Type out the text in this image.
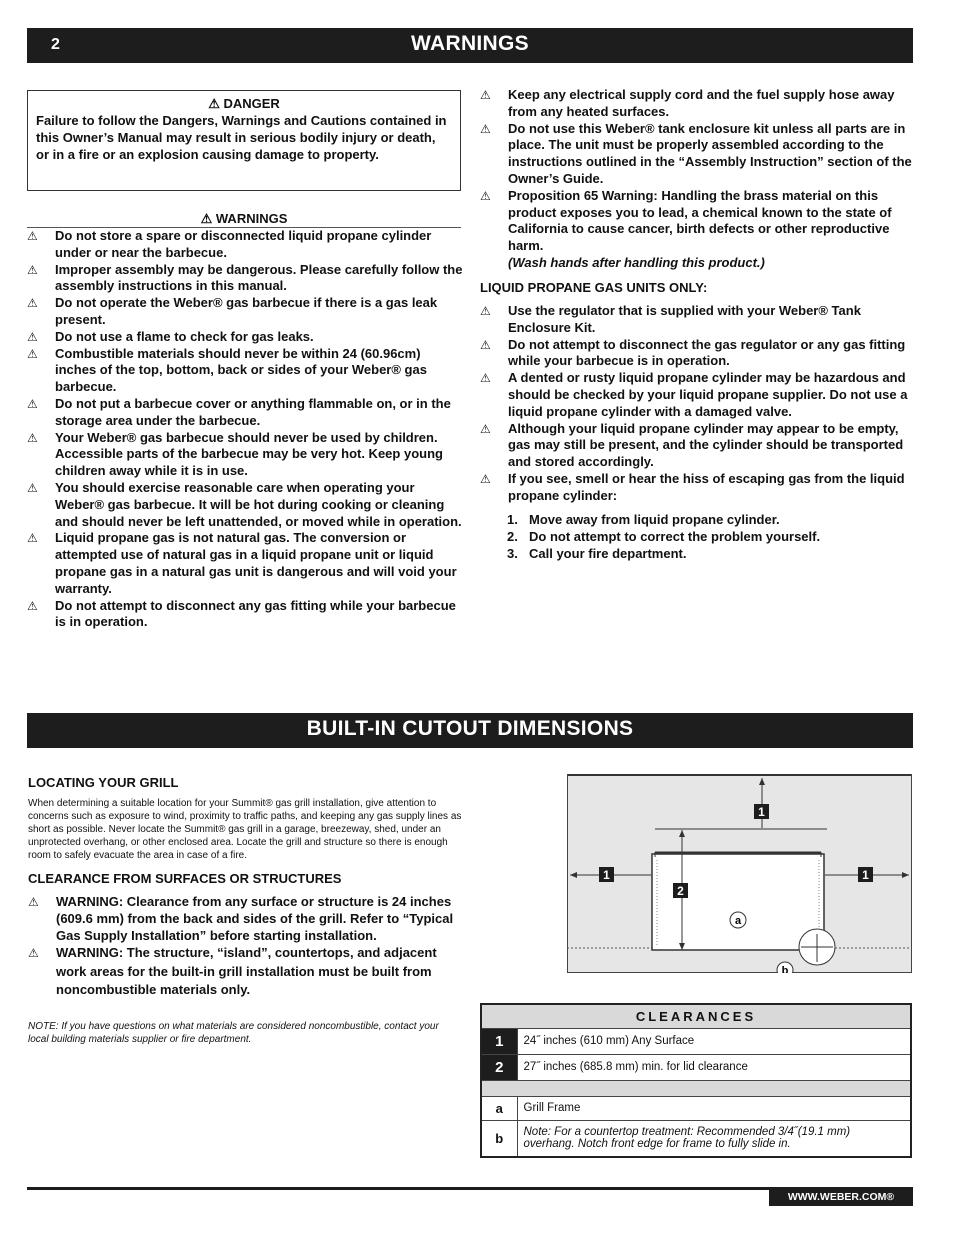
2	WARNINGS
⚠ DANGER
Failure to follow the Dangers, Warnings and Cautions contained in this Owner’s Manual may result in serious bodily injury or death, or in a fire or an explosion causing damage to property.
⚠ WARNINGS
⚠ Do not store a spare or disconnected liquid propane cylinder under or near the barbecue.
⚠ Improper assembly may be dangerous. Please carefully follow the assembly instructions in this manual.
⚠ Do not operate the Weber® gas barbecue if there is a gas leak present.
⚠ Do not use a flame to check for gas leaks.
⚠ Combustible materials should never be within 24 (60.96cm) inches of the top, bottom, back or sides of your Weber® gas barbecue.
⚠ Do not put a barbecue cover or anything flammable on, or in the storage area under the barbecue.
⚠ Your Weber® gas barbecue should never be used by children. Accessible parts of the barbecue may be very hot. Keep young children away while it is in use.
⚠ You should exercise reasonable care when operating your Weber® gas barbecue. It will be hot during cooking or cleaning and should never be left unattended, or moved while in operation.
⚠ Liquid propane gas is not natural gas. The conversion or attempted use of natural gas in a liquid propane unit or liquid propane gas in a natural gas unit is dangerous and will void your warranty.
⚠ Do not attempt to disconnect any gas fitting while your barbecue is in operation.
⚠ Keep any electrical supply cord and the fuel supply hose away from any heated surfaces.
⚠ Do not use this Weber® tank enclosure kit unless all parts are in place. The unit must be properly assembled according to the instructions outlined in the “Assembly Instruction” section of the Owner’s Guide.
⚠ Proposition 65 Warning: Handling the brass material on this product exposes you to lead, a chemical known to the state of California to cause cancer, birth defects or other reproductive harm.
(Wash hands after handling this product.)
LIQUID PROPANE GAS UNITS ONLY:
⚠ Use the regulator that is supplied with your Weber® Tank Enclosure Kit.
⚠ Do not attempt to disconnect the gas regulator or any gas fitting while your barbecue is in operation.
⚠ A dented or rusty liquid propane cylinder may be hazardous and should be checked by your liquid propane supplier. Do not use a liquid propane cylinder with a damaged valve.
⚠ Although your liquid propane cylinder may appear to be empty, gas may still be present, and the cylinder should be transported and stored accordingly.
⚠ If you see, smell or hear the hiss of escaping gas from the liquid propane cylinder:
1. Move away from liquid propane cylinder.
2. Do not attempt to correct the problem yourself.
3. Call your fire department.
BUILT-IN CUTOUT DIMENSIONS
LOCATING YOUR GRILL
When determining a suitable location for your Summit® gas grill installation, give attention to concerns such as exposure to wind, proximity to traffic paths, and keeping any gas supply lines as short as possible. Never locate the Summit® gas grill in a garage, breezeway, shed, under an unprotected overhang, or other enclosed area. Locate the grill and structure so there is enough room to safely evacuate the area in case of a fire.
CLEARANCE FROM SURFACES OR STRUCTURES
⚠ WARNING: Clearance from any surface or structure is 24 inches (609.6 mm) from the back and sides of the grill. Refer to “Typical Gas Supply Installation” before starting installation.
⚠ WARNING: The structure, “island”, countertops, and adjacent work areas for the built-in grill installation must be built from noncombustible materials only.
NOTE: If you have questions on what materials are considered noncombustible, contact your local building materials supplier or fire department.
1
1	1
2
a
b
CLEARANCES	
1	24˝ inches (610 mm) Any Surface
2	27˝ inches (685.8 mm) min. for lid clearance

a	Grill Frame
b	Note: For a countertop treatment: Recommended 3/4˝(19.1 mm) overhang. Notch front edge for frame to fully slide in.
WWW.WEBER.COM®
